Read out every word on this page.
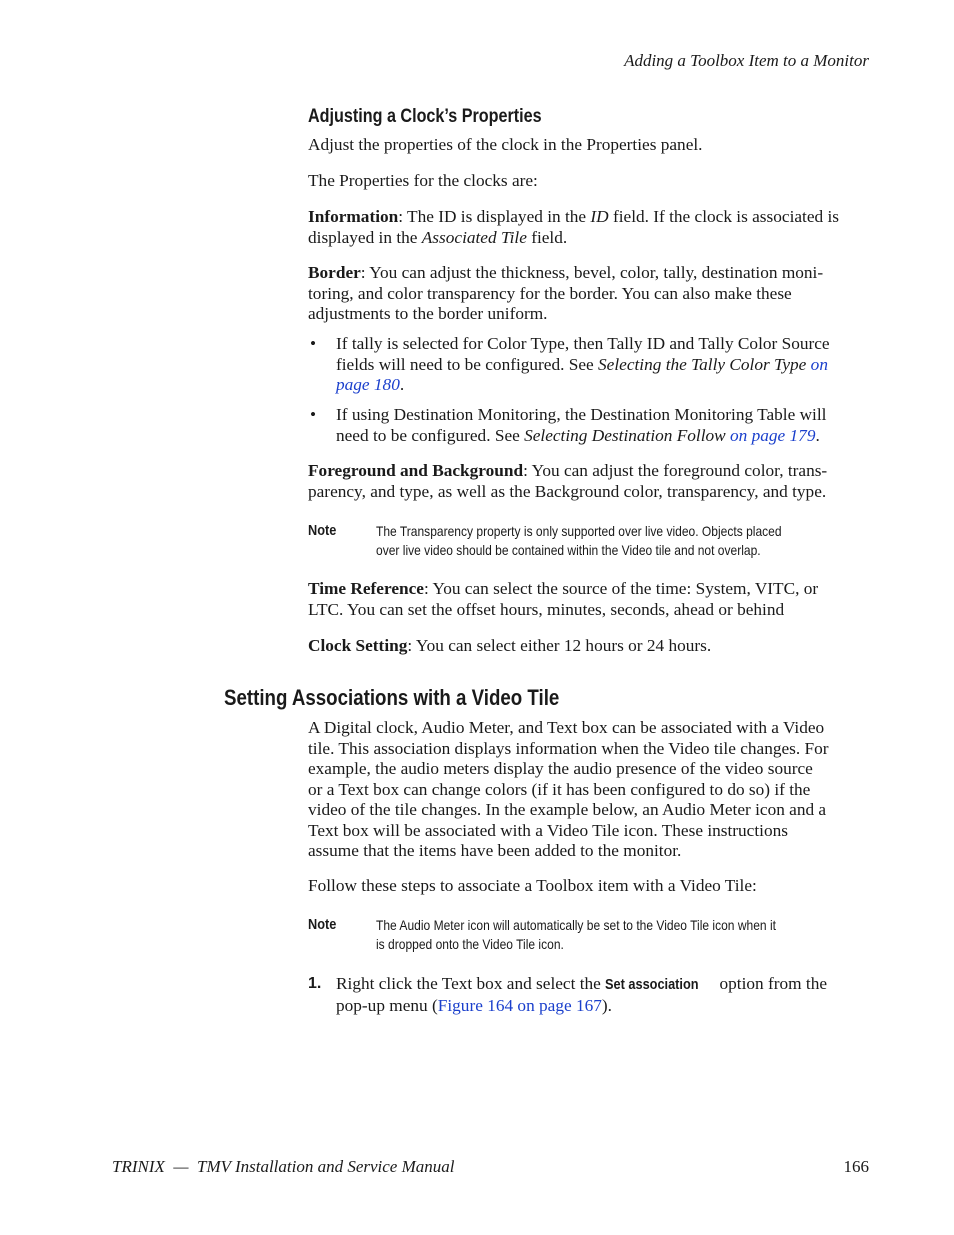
Adding a Toolbox Item to a Monitor
Adjusting a Clock’s Properties
Adjust the properties of the clock in the Properties panel.
The Properties for the clocks are:
Information: The ID is displayed in the ID field. If the clock is associated is
displayed in the Associated Tile field.
Border: You can adjust the thickness, bevel, color, tally, destination moni-
toring, and color transparency for the border. You can also make these
adjustments to the border uniform.
• If tally is selected for Color Type, then Tally ID and Tally Color Source
fields will need to be configured. See Selecting the Tally Color Type on
page 180.
• If using Destination Monitoring, the Destination Monitoring Table will
need to be configured. See Selecting Destination Follow on page 179.
Foreground and Background: You can adjust the foreground color, trans-
parency, and type, as well as the Background color, transparency, and type.
Note	The Transparency property is only supported over live video. Objects placed
over live video should be contained within the Video tile and not overlap.
Time Reference: You can select the source of the time: System, VITC, or
LTC. You can set the offset hours, minutes, seconds, ahead or behind
Clock Setting: You can select either 12 hours or 24 hours.
Setting Associations with a Video Tile
A Digital clock, Audio Meter, and Text box can be associated with a Video
tile. This association displays information when the Video tile changes. For
example, the audio meters display the audio presence of the video source
or a Text box can change colors (if it has been configured to do so) if the
video of the tile changes. In the example below, an Audio Meter icon and a
Text box will be associated with a Video Tile icon. These instructions
assume that the items have been added to the monitor.
Follow these steps to associate a Toolbox item with a Video Tile:
Note	The Audio Meter icon will automatically be set to the Video Tile icon when it
is dropped onto the Video Tile icon.
1. Right click the Text box and select the Set association option from the
pop-up menu (Figure 164 on page 167).
TRINIX  —  TMV Installation and Service Manual	166
